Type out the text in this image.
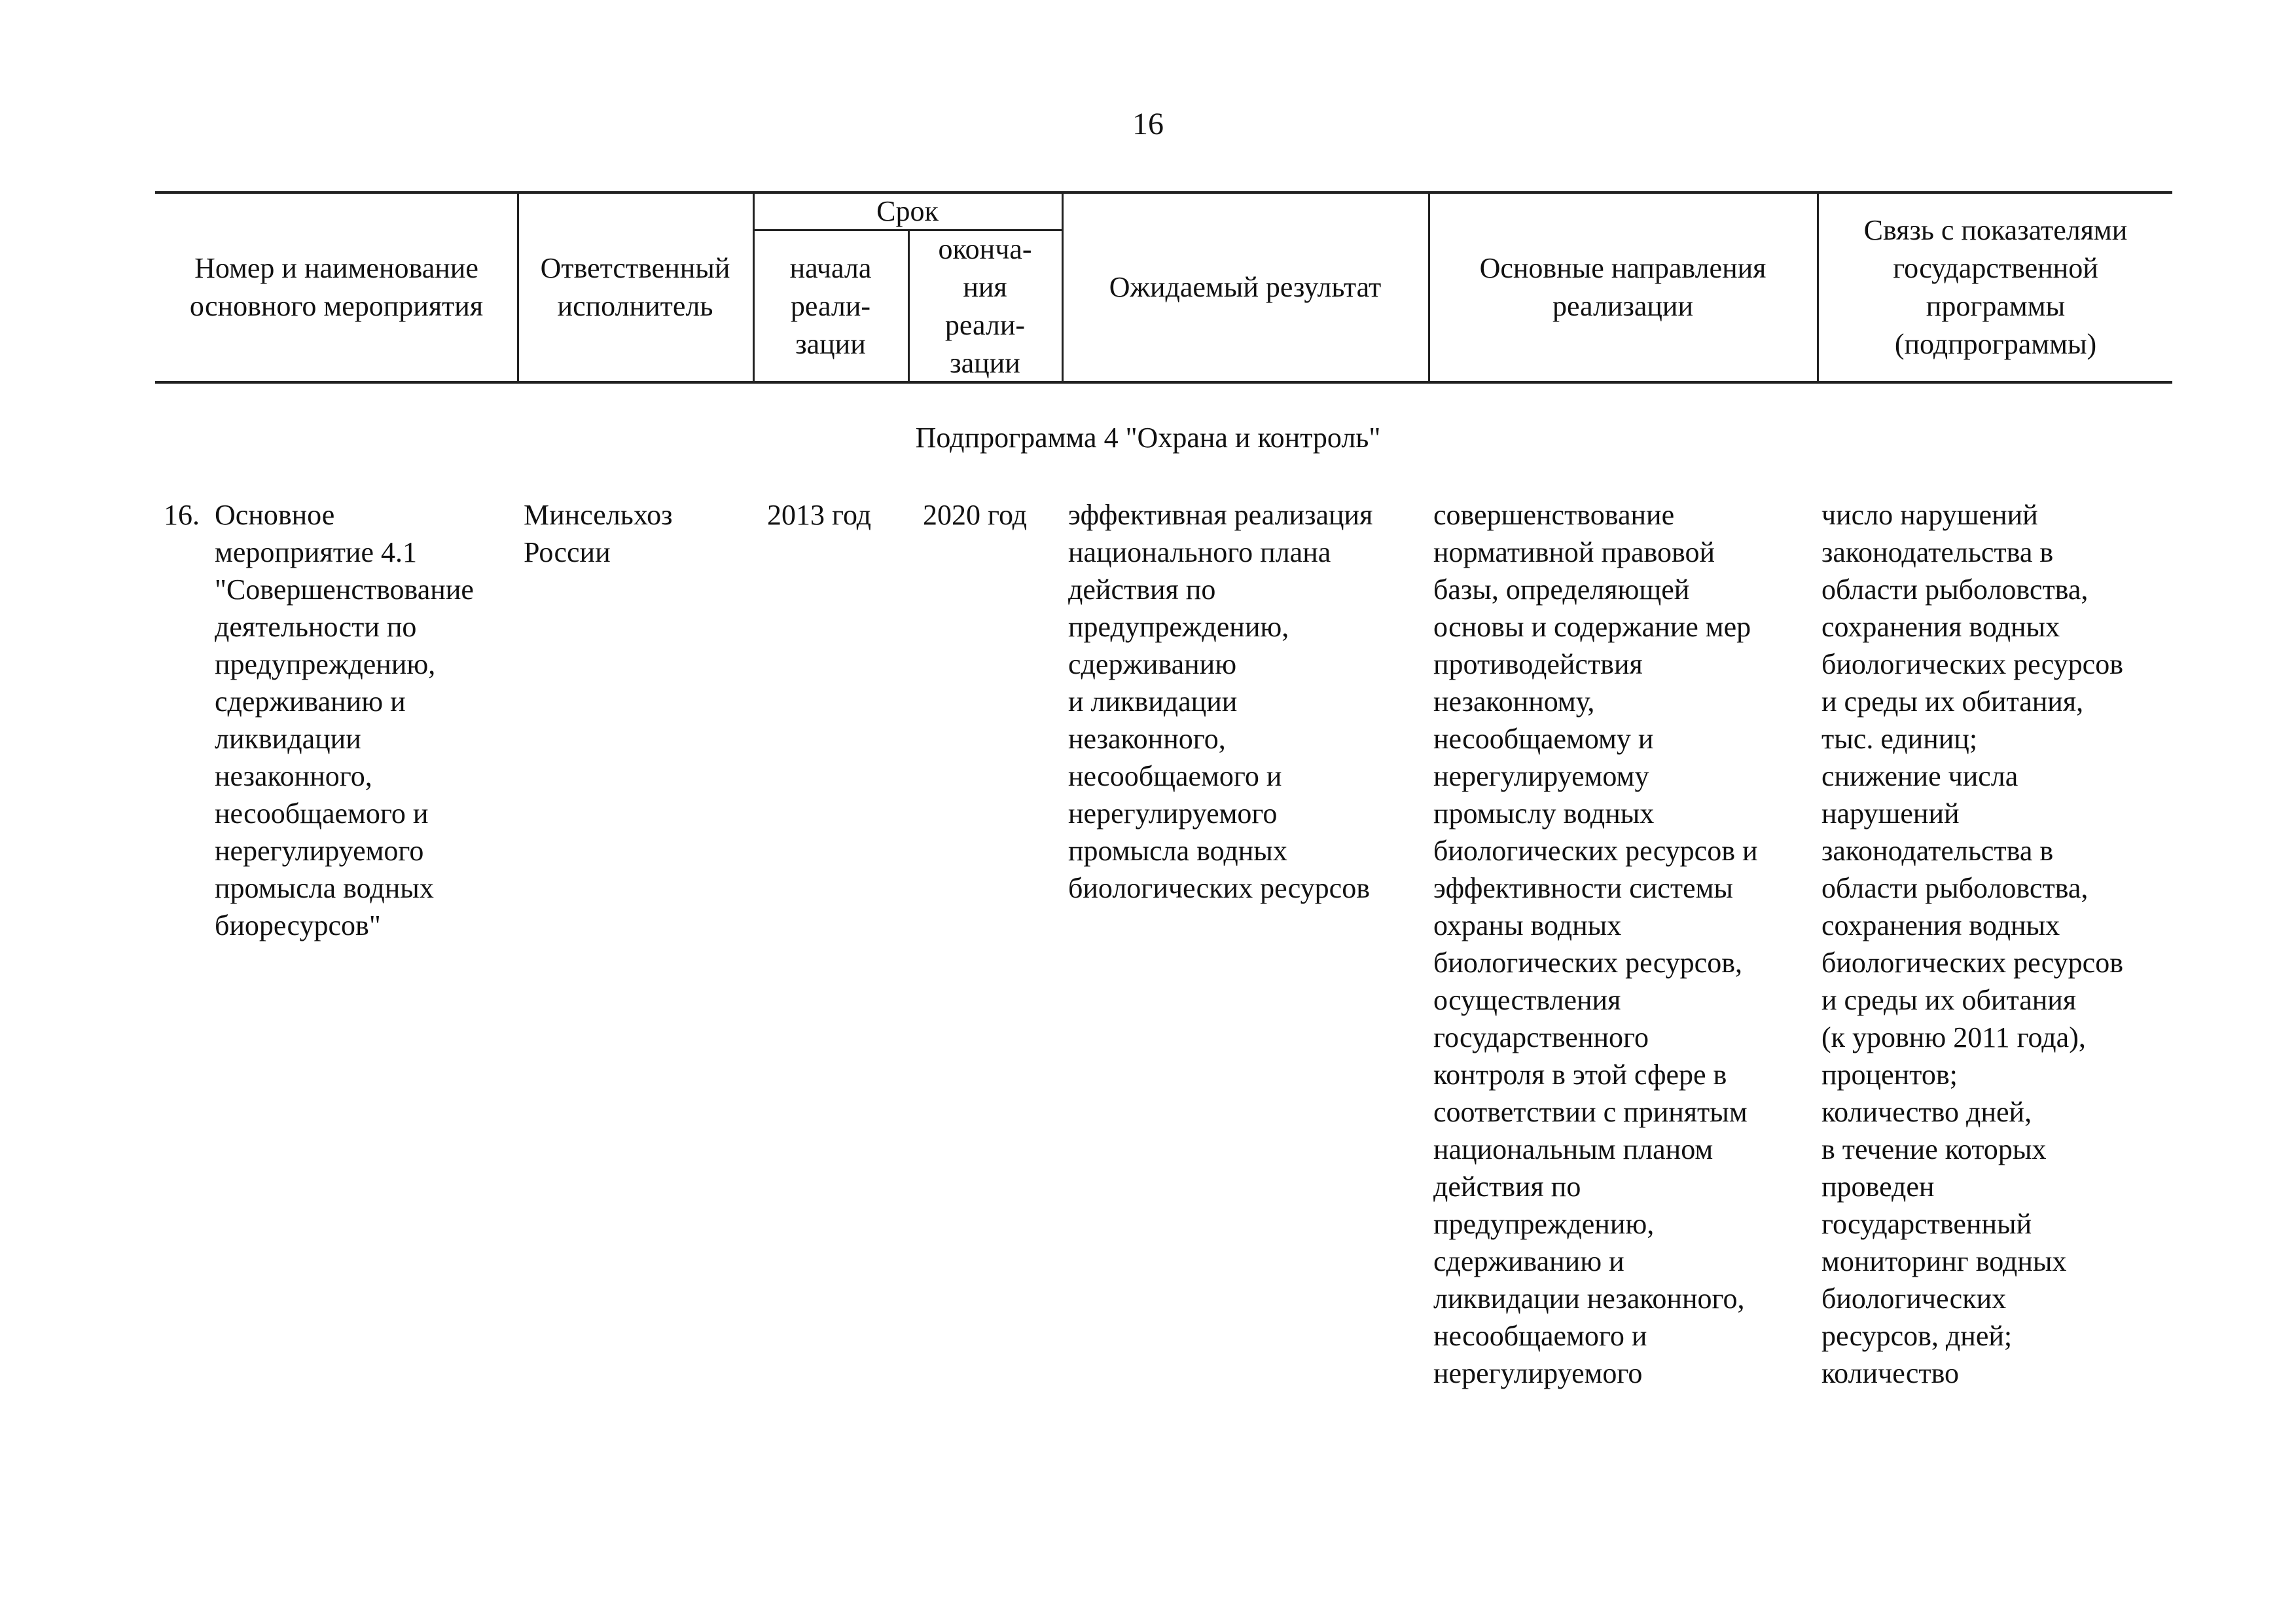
16
Номер и наименование
основного мероприятия
Ответственный
исполнитель
Срок
начала
реали-
зации
оконча-
ния
реали-
зации
Ожидаемый результат
Основные направления
реализации
Связь с показателями
государственной
программы
(подпрограммы)
Подпрограмма 4 "Охрана и контроль"
16. Основное
мероприятие 4.1
"Совершенствование
деятельности по
предупреждению,
сдерживанию и
ликвидации
незаконного,
несообщаемого и
нерегулируемого
промысла водных
биоресурсов"
Минсельхоз
России
2013 год	2020 год	эффективная реализация
национального плана
действия по
предупреждению,
сдерживанию
и ликвидации
незаконного,
несообщаемого и
нерегулируемого
промысла водных
биологических ресурсов
совершенствование
нормативной правовой
базы, определяющей
основы и содержание мер
противодействия
незаконному,
несообщаемому и
нерегулируемому
промыслу водных
биологических ресурсов и
эффективности системы
охраны водных
биологических ресурсов,
осуществления
государственного
контроля в этой сфере в
соответствии с принятым
национальным планом
действия по
предупреждению,
сдерживанию и
ликвидации незаконного,
несообщаемого и
нерегулируемого
число нарушений
законодательства в
области рыболовства,
сохранения водных
биологических ресурсов
и среды их обитания,
тыс. единиц;
снижение числа
нарушений
законодательства в
области рыболовства,
сохранения водных
биологических ресурсов
и среды их обитания
(к уровню 2011 года),
процентов;
количество дней,
в течение которых
проведен
государственный
мониторинг водных
биологических
ресурсов, дней;
количество
